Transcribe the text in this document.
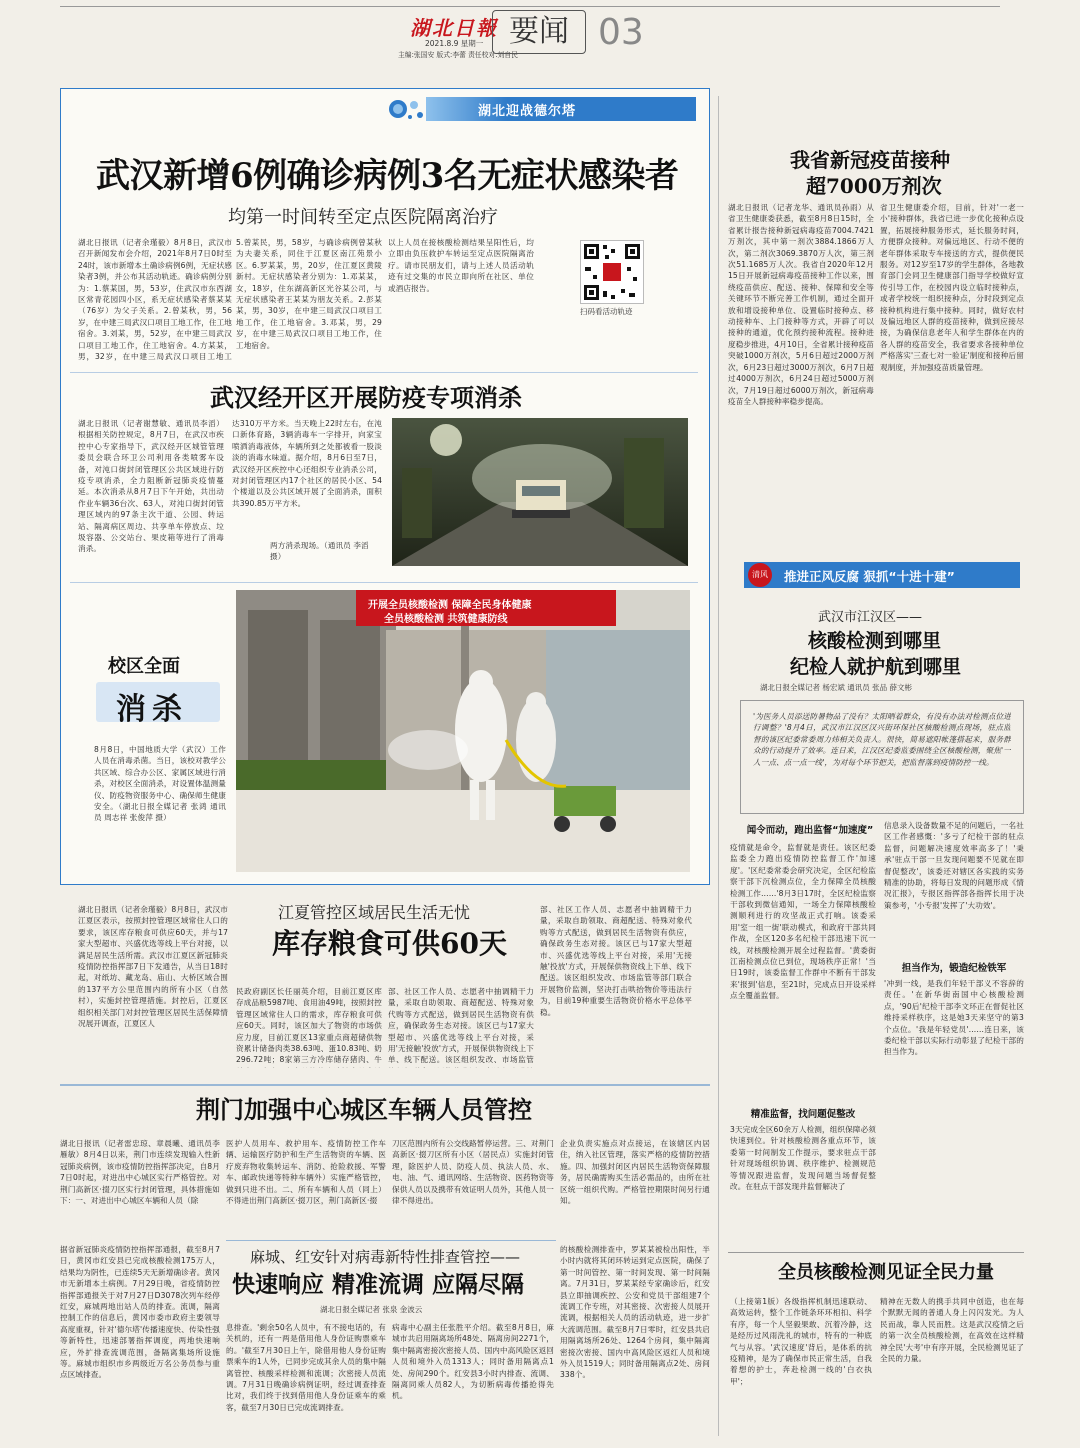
湖北日報
2021.8.9 星期一
主编:张国安 版式:李蕾 责任校对:刘自民
要闻 03
湖北迎战德尔塔
武汉新增6例确诊病例3名无症状感染者
均第一时间转至定点医院隔离治疗
湖北日报讯（记者余瑾毅）8月8日，武汉市召开新闻发布会介绍，2021年8月7日0时至24时，该市新增本土确诊病例6例，无症状感染者3例，并公布其活动轨迹。确诊病例分别为：1.蔡某国，男，53岁，住武汉市东西湖区常青花园四小区，系无症状感染者蔡某某（76岁）为父子关系。2.曾某秋，男，56岁，在中建三局武汉口项目工地工作，住工地宿舍。3.刘某，男，52岁，在中建三局武汉口项目工地工作，住工地宿舍。4.方某某，男，32岁，在中建三局武汉口项目工地工
5.曾某民，男，58岁，与确诊病例曾某秋为夫妻关系，同住于江夏区南江苑景小区。6.罗某某，男，20岁，住江夏区黄陵新村。无症状感染者分别为：1.邓某某，女，18岁，住东湖高新区光谷某公司，与无症状感染者王某某为朋友关系。2.彭某某，男，30岁，在中建三局武汉口项目工地工作，住工地宿舍。3.邓某，男，29岁，在中建三局武汉口项目工地工作，住工地宿舍。
以上人员在接核酸检测结果呈阳性后，均立即由负压救护车转运至定点医院隔离治疗。请市民朋友们，请与上述人员活动轨迹有过交集的市民立即向所在社区、单位或酒店报告。
扫码看活动轨迹
武汉经开区开展防疫专项消杀
湖北日报讯（记者谢慧敏、通讯员李滔）根据相关防控规定，8月7日，在武汉市疾控中心专家指导下，武汉经开区城管管理委员会联合环卫公司利用各类喷雾车设备，对沌口街封闭管理区公共区域进行防疫专项消杀，全力阻断新冠肺炎疫情蔓延。本次消杀从8月7日下午开始，共出动作业车辆36台次、63人，对沌口街封闭管理区域内的97条主次干道、公园、转运站、隔离病区周边、共享单车停放点、垃圾容器、公交站台、果皮箱等进行了消毒消杀。
达310万平方米。当天晚上22时左右，在沌口新体育路，3辆消毒车一字排开，向家宝喷洒消毒液体，车辆所到之处都被看一股淡淡的消毒水味道。据介绍，8月6日至7日，武汉经开区疾控中心还组织专业消杀公司，对封闭管理区内17个社区的居民小区、54个楼道以及公共区域开展了全面消杀，面积共390.85万平方米。
两方消杀现场。（通讯员 李滔 摄）
校区全面
消杀
8月8日，中国地质大学（武汉）工作人员在消毒杀菌。当日，该校对教学公共区域、综合办公区、家属区域进行消杀，对校区全面消杀，对设置体温测量仪、防疫物资服务中心、确保师生健康安全。（湖北日报全媒记者 张鸿 通讯员 周志祥 张俊萍 摄）
开展全员核酸检测 保障全民身体健康
全员核酸检测 共筑健康防线
湖北日报讯（记者余瑾毅）8月8日，武汉市江夏区表示，按照封控管理区域常住人口的要求，该区库存粮食可供应60天，并与17家大型超市、兴盛优选等线上平台对接，以满足居民生活所需。武汉市江夏区新冠肺炎疫情防控指挥部7日下发通告，从当日18时起，对纸坊、藏龙岛、庙山、大桥区域合围的137平方公里范围内的所有小区（自然村），实施封控管理措施。封控后，江夏区组织相关部门对封控管理区居民生活保障情况展开调查，江夏区人
江夏管控区域居民生活无忧
库存粮食可供60天
民政府副区长任丽英介绍，目前江夏区库存成品粮5987吨、食用油49吨，按照封控管理区域常住人口的需求，库存粮食可供应60天。同时，该区加大了物资的市场供应力度，目前江夏区13家重点商超储供物资累计储备肉类38.63吨、蛋10.83吨、奶296.72吨；8家第三方冷库储存猪肉、牛
部、社区工作人员、志愿者中抽调精干力量，采取自助领取、商超配送、特殊对象代购等方式配送，做到居民生活物资有供应，确保政务生态对接。该区已与17家大型超市、兴盛优选等线上平台对接，采用'无接触'投放'方式，开展保供物资线上下单、线下配送。该区组织发改、市场监管
部、社区工作人员、志愿者中抽调精干力量，采取自助领取、商超配送、特殊对象代购等方式配送，做到居民生活物资有供应，确保政务生态对接。该区已与17家大型超市、兴盛优选等线上平台对接，采用'无接触'投放'方式，开展保供物资线上下单、线下配送。该区组织发改、市场监管等部门联合开展物价监测，坚决打击哄抬物价等违法行为，目前19种重要生活物资价格水平总体平稳。
荆门加强中心城区车辆人员管控
湖北日报讯（记者雷忠琼、章晨曦、通讯员李雁敏）8月4日以来，荆门市连续发现输入性新冠肺炎病例，该市疫情防控指挥部决定，自8月7日0时起，对进出中心城区实行严格管控。对荆门高新区·掇刀区实行封闭管理，具体措施如下：一、对进出中心城区车辆和人员（除
医护人员用车、救护用车、疫情防控工作车辆、运输医疗防护和生产生活物资的车辆、医疗废弃物收集转运车、消防、抢险救援、军警车、邮政快递等特种车辆外）实施严格管控，做到只进不出。二、所有车辆和人员（同上）不得进出荆门高新区·掇刀区，荆门高新区·掇
刀区范围内所有公交线路暂停运营。三、对荆门高新区·掇刀区所有小区（居民点）实施封闭管理，除医护人员、防疫人员、执法人员、水、电、油、气、通讯网络、生活物资、医药物资等保供人员以及携带有效证明人员外，其他人员一律不得进出。
企业负责实施点对点接运，在该辖区内居住，纳入社区管理，落实严格的疫情防控措施。四、加强封闭区内居民生活物资保障服务，居民确需购买生活必需品的，由所在社区统一组织代购。严格管控期限时间另行通知。
据省新冠肺炎疫情防控指挥部通报，截至8月7日，黄冈市红安县已完成核酸检测175万人，结果均为阴性，已连续5天无新增确诊者。黄冈市无新增本土病例。7月29日晚，省疫情防控指挥部通报关于对7月27日D3078次列车经停红安，麻城两地出站人员的排查。流调，隔离控制工作的信息后，黄冈市委市政府主要领导高度重视，针对'德尔塔'传播速度快、传染性强等新特性，迅速部署指挥调度，两地快速响应，外扩排查流调范围，备隔离集场所设施等。麻城市组织市乡两级近万名公务员参与重点区域排查。
麻城、红安针对病毒新特性排查管控——
快速响应 精准流调 应隔尽隔
湖北日报全媒记者 张泉 金波云
息排查。'剩余50名人员中，有不接电话的，有关机的，还有一两是借用他人身份证购票乘车的。'截至7月30日上午，除借用他人身份证购票乘车的1人外，已同步完成其余人员的集中隔离管控、核酸采样检测和流调；次密接人员流调。7月31日晚确诊病例证明，经过调查排查比对，我们终于找到借用他人身份证乘车的乘客，截至7月30日已完成流调排查。
病毒中心副主任张胜平介绍。截至8月8日，麻城市共启用隔离场所48处、隔离房间2271个，集中隔离密接次密接人员、国内中高风险区返回人员和境外入员1313人；同时备用隔离点1处、房间290个。红安县3小时内排查、流调、隔离同乘人员82人，为切断病毒传播抢得先机。
的核酸检测排查中，罗某某被检出阳性，半小时内就将其闭环转运到定点医院，确保了第一时间管控、第一时间发现、第一时间隔离。7月31日，罗某某经专家确诊后，红安县立即抽调疾控、公安和党员干部组建7个流调工作专班，对其密接、次密接人员展开流调，根据相关人员的活动轨迹，进一步扩大流调范围。截至8月7日零时，红安县共启用隔离场所26处、1264个房间，集中隔离密接次密接、国内中高风险区返红人员和境外入员1519人；同时备用隔离点2处、房间338个。
我省新冠疫苗接种
超7000万剂次
湖北日报讯（记者龙华、通讯员孙雨）从省卫生健康委获悉，截至8月8日15时，全省累计报告接种新冠病毒疫苗7004.7421万剂次，其中第一剂次3884.1866万人次，第二剂次3069.3870万人次，第三剂次51.1685万人次。我省自2020年12月15日开展新冠病毒疫苗接种工作以来，围绕疫苗供应、配送、接种、保障和安全等关键环节不断完善工作机制，通过全面开放和增设接种单位、设置临时接种点、移动接种车、上门接种等方式，开辟了可以接种的通道，优化预约接种流程。接种进度稳步推进，4月10日，全省累计接种疫苗突破1000万剂次，5月6日超过2000万剂次，6月23日超过3000万剂次，6月7日超过4000万剂次，6月24日超过5000万剂次，7月19日超过6000万剂次，新冠病毒疫苗全人群接种率稳步提高。
省卫生健康委介绍，目前，针对'一老一小'接种群体，我省已进一步优化接种点设置，拓展接种服务形式，延长服务时间，方便群众接种。对偏远地区、行动不便的老年群体采取专车接送的方式，提供便民服务。对12岁至17岁的学生群体，各地教育部门会同卫生健康部门指导学校做好宣传引导工作，在校园内设立临时接种点，或者学校统一组织接种点，分时段到定点接种机构进行集中接种。同时，做好农村及偏远地区人群的疫苗接种，做到应接尽接，为确保信息老年人和学生群体在内的各人群的疫苗安全，我省要求各接种单位严格落实'三查七对一验证'制度和接种后留观制度，并加强疫苗质量管理。
清风	推进正风反腐 狠抓“十进十建”
武汉市江汉区——
核酸检测到哪里
纪检人就护航到哪里
湖北日报全媒记者 杨宏斌 通讯员 张品 薛文彬
'为医务人员添送防暑物品了没有？太阳晒着群众，有没有办法对检测点位进行调整？'8月4日，武汉市江汉区汉兴街环保社区核酸检测点现场，驻点监督的该区纪委常委周力炜相关负责人。很快，简易遮阳帐篷搭起来，服务群众的行动提升了效率。连日来，江汉区纪委监委围绕全区核酸检测，聚焦'一人一点、点一点一线'，为对每个环节把关，把监督落到疫情防控一线。
闻令而动，跑出监督“加速度”
疫情就是命令，监督就是责任。该区纪委监委全力跑出疫情防控监督工作'加速度'。'区纪委常委会研究决定，全区纪检监察干部下沉检测点位，全力保障全员核酸检测工作……'8月3日17时，全区纪检监察干部收到微信通知，一场全力保障核酸检测顺利进行的攻坚战正式打响。该委采用'室一组一街'联动模式，和政府干部共同作战，全区120多名纪检干部迅速下沉一线，对核酸检测开展全过程监督。'黄委街江南检测点位已到位，现场秩序正常！'当日19时，该委监督工作群中不断有干部发来'报到'信息，至21时，完成点日开设采样点全覆盖监督。
精准监督，找问题促整改
3天完成全区60余万人检测，组织保障必须快速到位。针对核酸检测各重点环节，该委第一时间制发工作提示，要求驻点干部针对现场组织协调、秩序维护、检测规范等情况跟进监督，发现问题当场督促整改。在驻点干部发现并监督解决了
信息录入设备数量不足的问题后，一名社区工作者感慨：'多亏了纪检干部的驻点监督，问题解决速度效率高多了！'秉承'驻点干部一旦发现问题要不见就在即督促整改'，该委还对辖区各实践的实务精准的协助，将每日发现的问题形成《情况汇报》，专报区指挥部各指挥长用于决策参考，'小专报'发挥了'大功效'。
担当作为，锻造纪检铁军
'冲到一线，是我们年轻干部义不容辞的责任。'在新华街南国中心核酸检测点，'90后'纪检干部李文环正在督促社区维持采样秩序，这是她3天来坚守的第3个点位。'我是年轻党员'……连日来，该委纪检干部以实际行动彰显了纪检干部的担当作为。
全员核酸检测见证全民力量
（上接第1版）各级指挥机制迅速联动、高效运转，整个工作链条环环相扣、科学有序，每一个人坚毅果敢、沉着冷静，这是经历过风雨洗礼的城市，特有的一种底气与从容。'武汉速度'背后，是体系的抗疫精神，是为了确保市民正常生活，自我着想的护士，奔赴检测一线的'白衣执甲'；
精神在无数人的携手共同中创造，也在每个默默无闻的普通人身上闪闪发光。为人民而战，靠人民而胜。这是武汉疫情之后的第一次全员核酸检测，在高效在这样精神全民'大考'中有序开展，全民检测见证了全民的力量。
